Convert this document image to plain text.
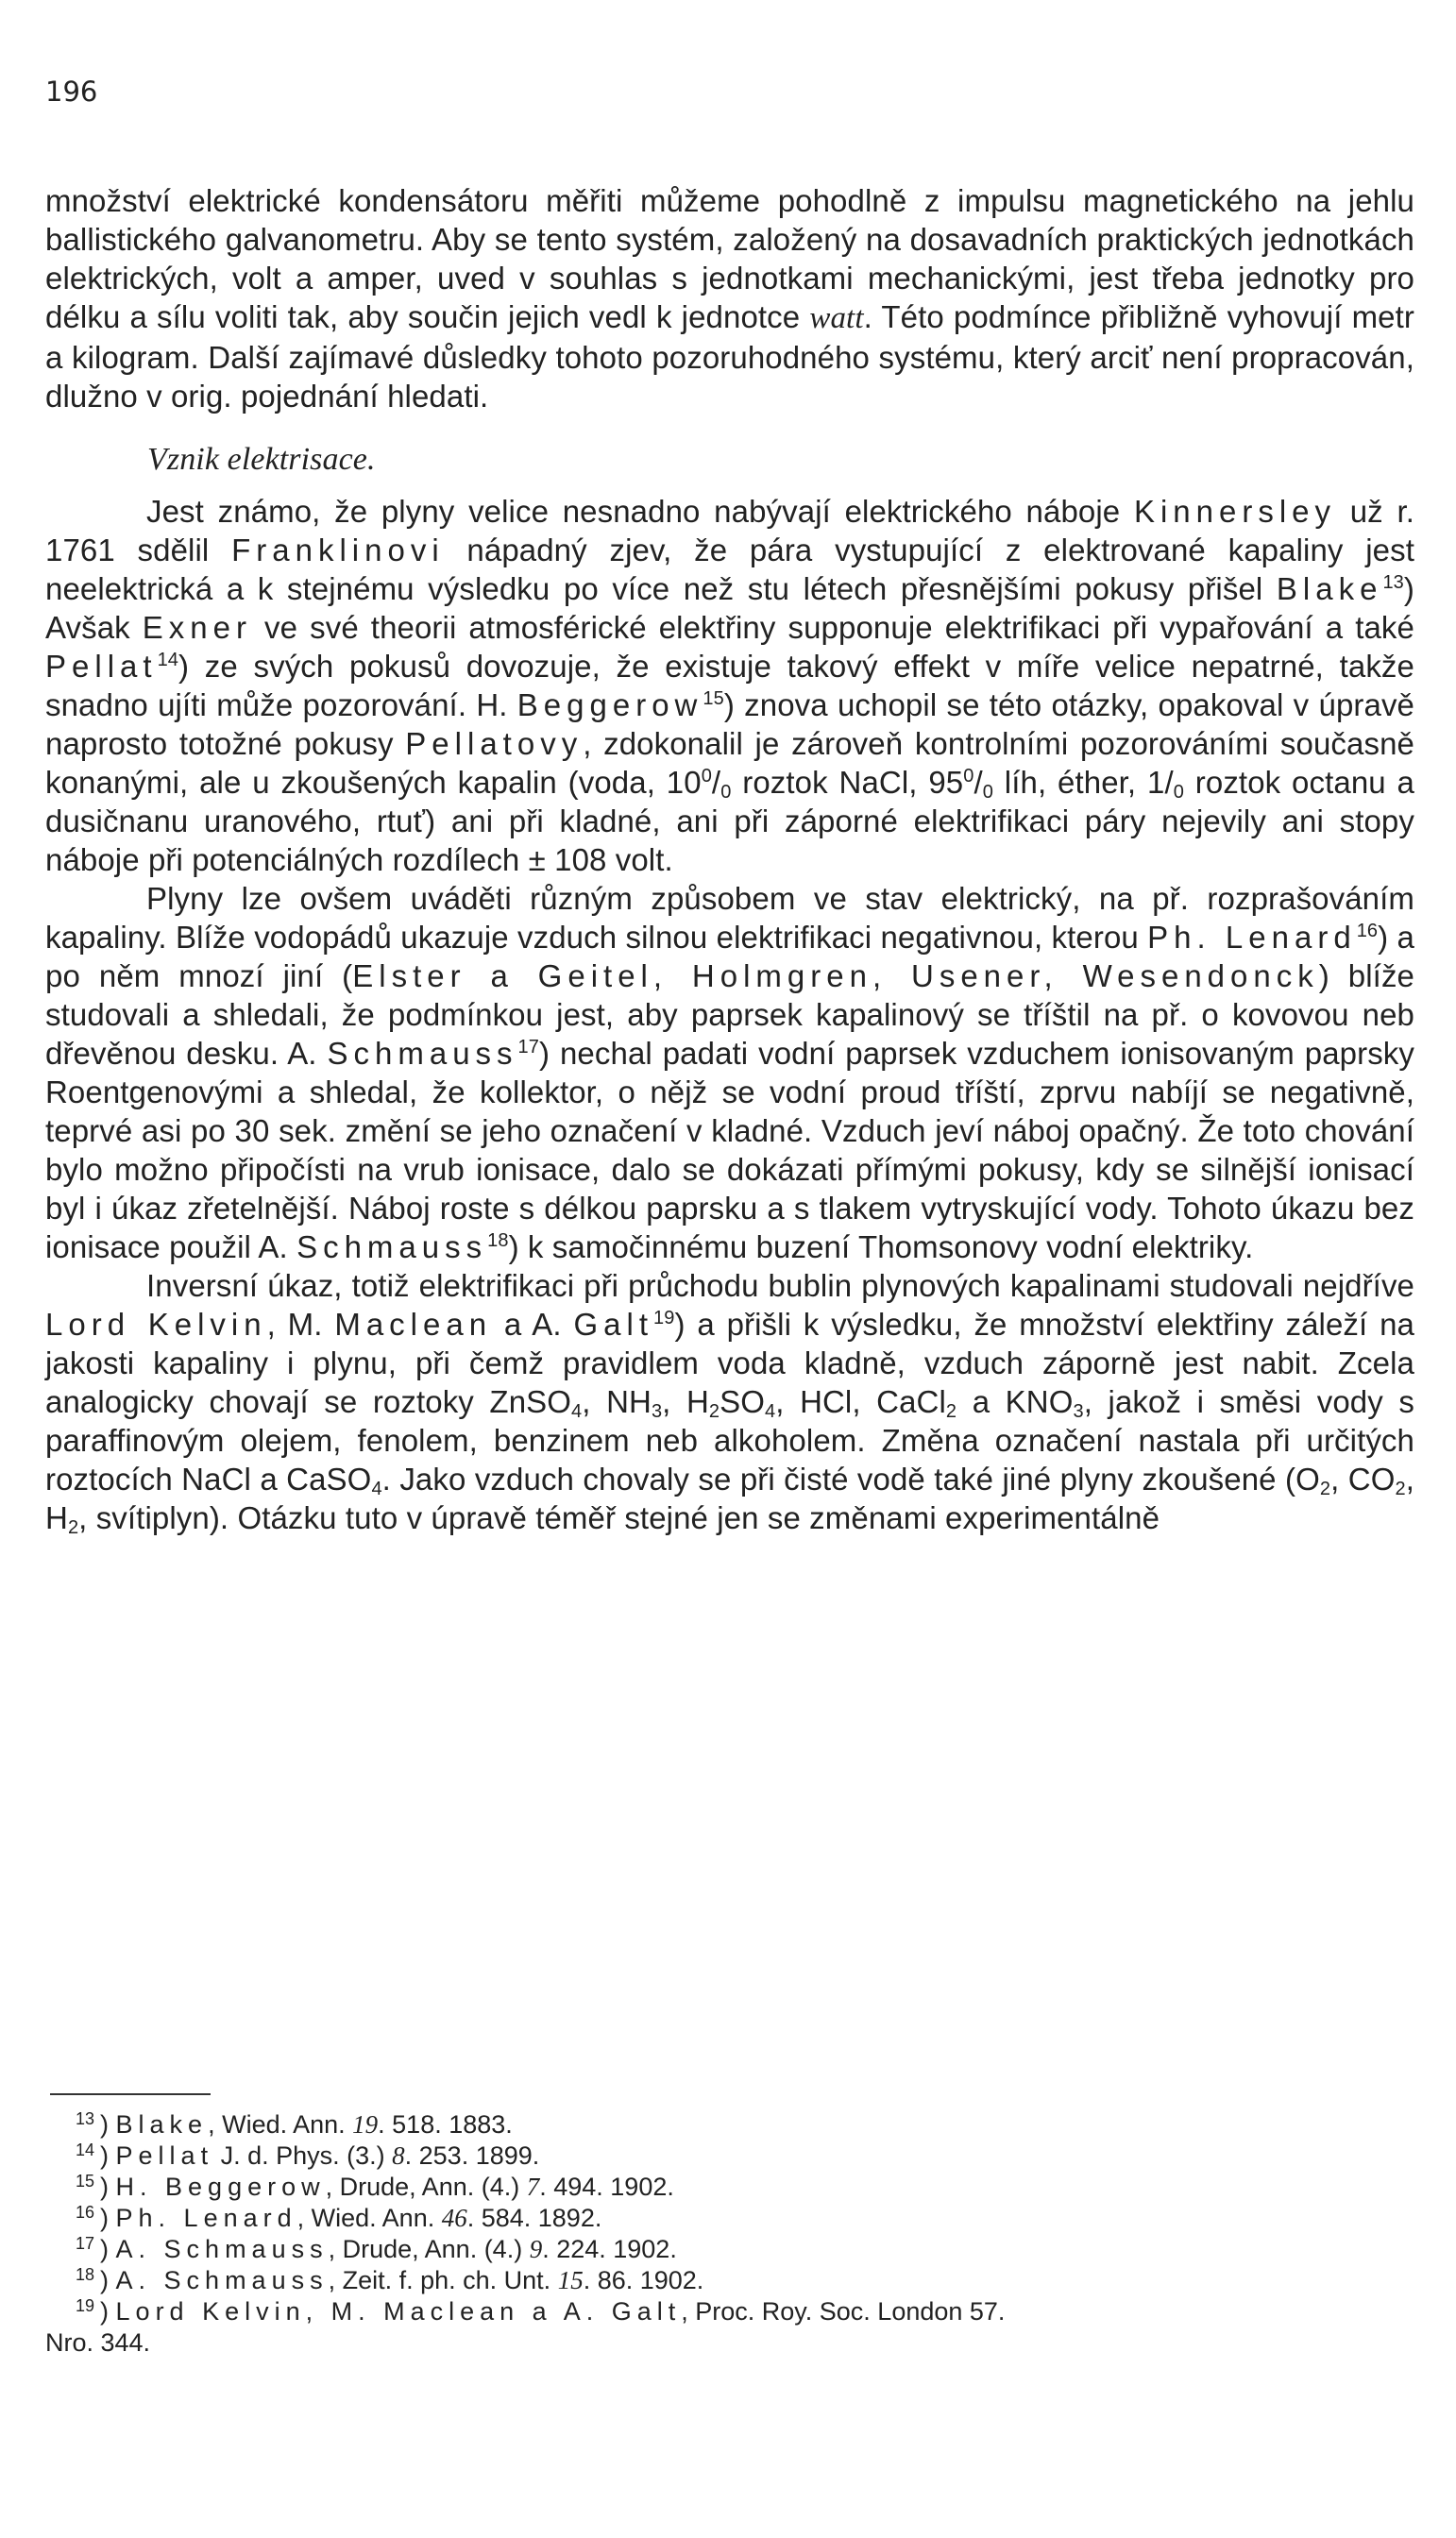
196

množství elektrické kondensátoru měřiti můžeme pohodlně z impulsu magnetického na jehlu ballistického galvanometru. Aby se tento systém, založený na dosavadních praktických jednotkách elektrických, volt a amper, uved v souhlas s jednotkami mechanickými, jest třeba jednotky pro délku a sílu voliti tak, aby součin jejich vedl k jednotce watt. Této podmínce přibližně vyhovují metr a kilogram. Další zajímavé důsledky tohoto pozoruhodného systému, který arciť není propracován, dlužno v orig. pojednání hledati.

Vznik elektrisace.

Jest známo, že plyny velice nesnadno nabývají elektrického náboje Kinnersley už r. 1761 sdělil Franklinovi nápadný zjev, že pára vystupující z elektrované kapaliny jest neelektrická a k stejnému výsledku po více než stu létech přesnějšími pokusy přišel Blake$^{13}$) Avšak Exner ve své theorii atmosférické elektřiny supponuje elektrifikaci při vypařování a také Pellat$^{14}$) ze svých pokusů dovozuje, že existuje takový effekt v míře velice nepatrné, takže snadno ujíti může pozorování. H. Beggerow$^{15}$) znova uchopil se této otázky, opakoval v úpravě naprosto totožné pokusy Pellatovy, zdokonalil je zároveň kontrolními pozorováními současně konanými, ale u zkoušených kapalin (voda, $10^0/_0$ roztok NaCl, $95^0/_0$ líh, éther, $1/_0$ roztok octanu a dusičnanu uranového, rtuť) ani při kladné, ani při záporné elektrifikaci páry nejevily ani stopy náboje při potenciálných rozdílech ± 108 volt.

Plyny lze ovšem uváděti různým způsobem ve stav elektrický, na př. rozprašováním kapaliny. Blíže vodopádů ukazuje vzduch silnou elektrifikaci negativnou, kterou Ph. Lenard$^{16}$) a po něm mnozí jiní (Elster a Geitel, Holmgren, Usener, Wesendonck) blíže studovali a shledali, že podmínkou jest, aby paprsek kapalinový se tříštil na př. o kovovou neb dřevěnou desku. A. Schmauss$^{17}$) nechal padati vodní paprsek vzduchem ionisovaným paprsky Roentgenovými a shledal, že kollektor, o nějž se vodní proud tříští, zprvu nabíjí se negativně, teprvé asi po 30 sek. změní se jeho označení v kladné. Vzduch jeví náboj opačný. Že toto chování bylo možno připočísti na vrub ionisace, dalo se dokázati přímými pokusy, kdy se silnější ionisací byl i úkaz zřetelnější. Náboj roste s délkou paprsku a s tlakem vytryskující vody. Tohoto úkazu bez ionisace použil A. Schmauss$^{18}$) k samočinnému buzení Thomsonovy vodní elektriky.

Inversní úkaz, totiž elektrifikaci při průchodu bublin plynových kapalinami studovali nejdříve Lord Kelvin, M. Maclean a A. Galt$^{19}$) a přišli k výsledku, že množství elektřiny záleží na jakosti kapaliny i plynu, při čemž pravidlem voda kladně, vzduch záporně jest nabit. Zcela analogicky chovají se roztoky ZnSO$_4$, $NH_3$, $H_2SO_4$, HCl, CaCl$_2$ a $KNO_3$, jakož i směsi vody s paraffinovým olejem, fenolem, benzinem neb alkoholem. Změna označení nastala při určitých roztocích NaCl a CaSO$_4$. Jako vzduch chovaly se při čisté vodě také jiné plyny zkoušené ($O_2$, $CO_2$, $H_2$, svítiplyn). Otázku tuto v úpravě téměř stejné jen se změnami experimentálně

$^{13}$ ) Blake, Wied. Ann. 19. 518. 1883.
$^{14}$ ) Pellat J. d. Phys. (3.) 8. 253. 1899.
$^{15}$ ) H. Beggerow, Drude, Ann. (4.) 7. 494. 1902.
$^{16}$ ) Ph. Lenard, Wied. Ann. 46. 584. 1892.
$^{17}$ ) A. Schmauss, Drude, Ann. (4.) 9. 224. 1902.
$^{18}$ ) A. Schmauss, Zeit. f. ph. ch. Unt. 15. 86. 1902.
$^{19}$ ) Lord Kelvin, M. Maclean a A. Galt, Proc. Roy. Soc. London 57.
Nro. 344.
